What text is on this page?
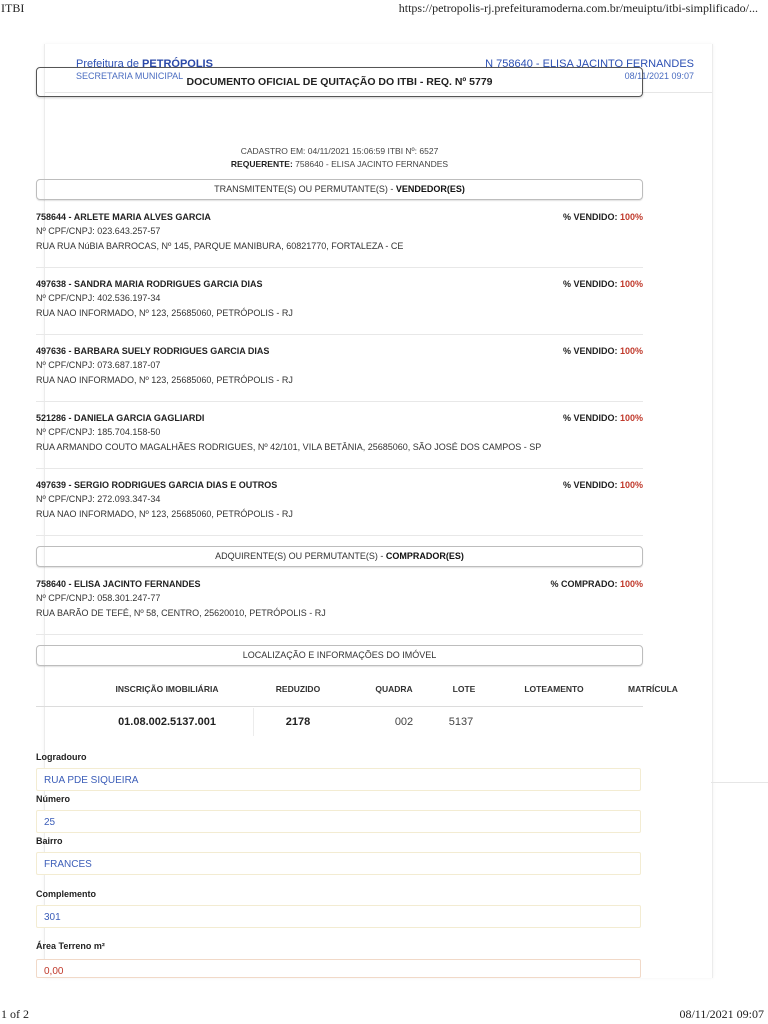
ITBI	https://petropolis-rj.prefeituramoderna.com.br/meuiptu/itbi-simplificado/...
Prefeitura de PETRÓPOLIS
SECRETARIA MUNICIPAL
N 758640 - ELISA JACINTO FERNANDES
08/11/2021 09:07
DOCUMENTO OFICIAL DE QUITAÇÃO DO ITBI - REQ. Nº 5779
CADASTRO EM: 04/11/2021 15:06:59 ITBI Nº: 6527
REQUERENTE: 758640 - ELISA JACINTO FERNANDES
TRANSMITENTE(S) OU PERMUTANTE(S) - VENDEDOR(ES)
758644 - ARLETE MARIA ALVES GARCIA
Nº CPF/CNPJ: 023.643.257-57
RUA RUA NúBIA BARROCAS, Nº 145, PARQUE MANIBURA, 60821770, FORTALEZA - CE
% VENDIDO: 100%
497638 - SANDRA MARIA RODRIGUES GARCIA DIAS
Nº CPF/CNPJ: 402.536.197-34
RUA NAO INFORMADO, Nº 123, 25685060, PETRÓPOLIS - RJ
% VENDIDO: 100%
497636 - BARBARA SUELY RODRIGUES GARCIA DIAS
Nº CPF/CNPJ: 073.687.187-07
RUA NAO INFORMADO, Nº 123, 25685060, PETRÓPOLIS - RJ
% VENDIDO: 100%
521286 - DANIELA GARCIA GAGLIARDI
Nº CPF/CNPJ: 185.704.158-50
RUA ARMANDO COUTO MAGALHÃES RODRIGUES, Nº 42/101, VILA BETÂNIA, 25685060, SÃO JOSÉ DOS CAMPOS - SP
% VENDIDO: 100%
497639 - SERGIO RODRIGUES GARCIA DIAS E OUTROS
Nº CPF/CNPJ: 272.093.347-34
RUA NAO INFORMADO, Nº 123, 25685060, PETRÓPOLIS - RJ
% VENDIDO: 100%
ADQUIRENTE(S) OU PERMUTANTE(S) - COMPRADOR(ES)
758640 - ELISA JACINTO FERNANDES
Nº CPF/CNPJ: 058.301.247-77
RUA BARÃO DE TEFÉ, Nº 58, CENTRO, 25620010, PETRÓPOLIS - RJ
% COMPRADO: 100%
LOCALIZAÇÃO E INFORMAÇÕES DO IMÓVEL
INSCRIÇÃO IMOBILIÁRIA	REDUZIDO	QUADRA	LOTE	LOTEAMENTO	MATRÍCULA
01.08.002.5137.001	2178	002	5137
Logradouro
RUA PDE SIQUEIRA
Número
25
Bairro
FRANCES
Complemento
301
Área Terreno m²
0,00
1 of 2	08/11/2021 09:07
